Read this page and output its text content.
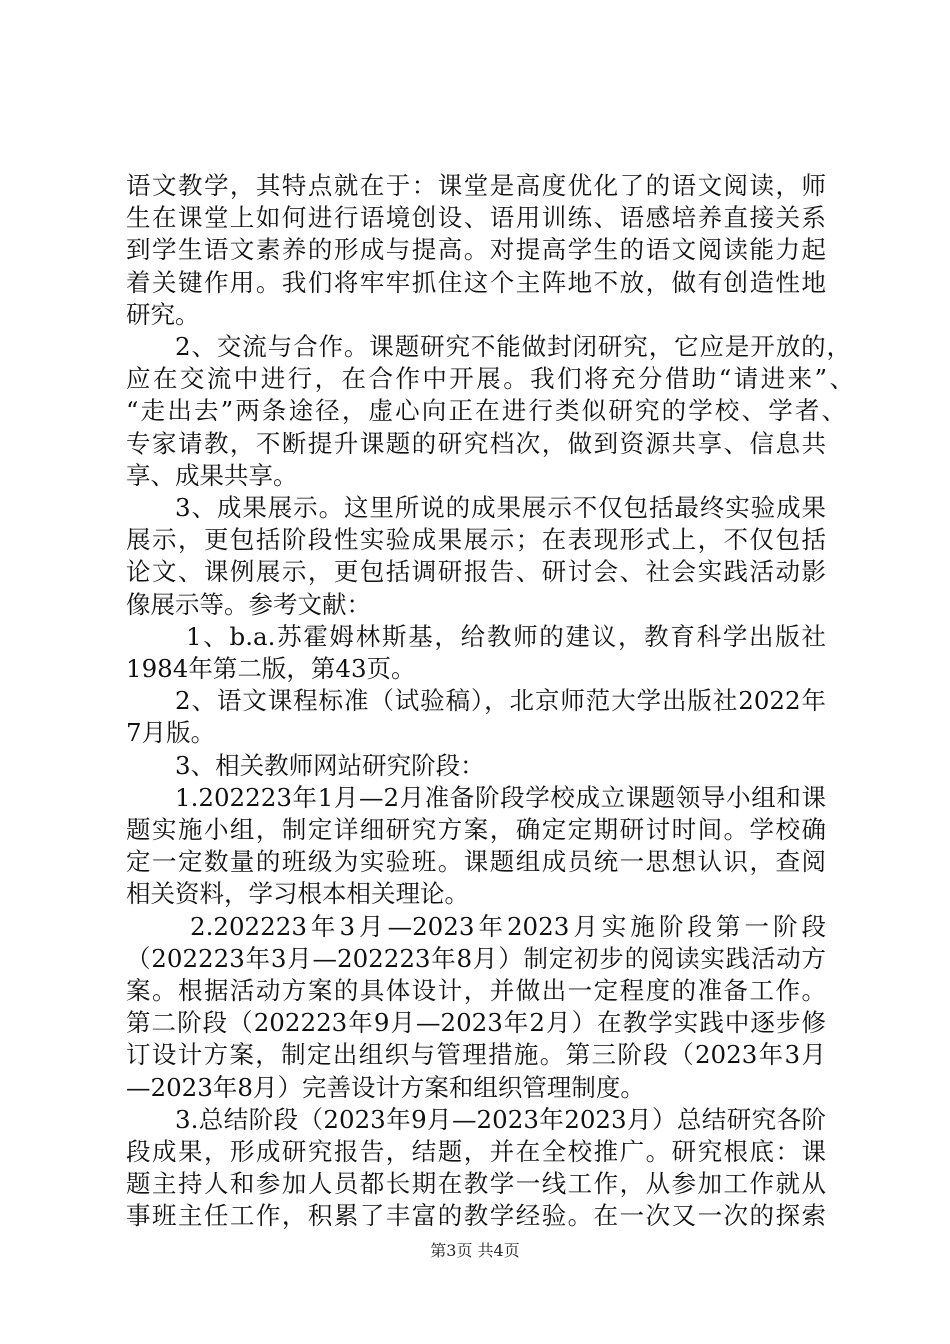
语文教学，其特点就在于：课堂是高度优化了的语文阅读，师
生在课堂上如何进行语境创设、语用训练、语感培养直接关系
到学生语文素养的形成与提高。对提高学生的语文阅读能力起
着关键作用。我们将牢牢抓住这个主阵地不放，做有创造性地
研究。
2、交流与合作。课题研究不能做封闭研究，它应是开放的，
应在交流中进行，在合作中开展。我们将充分借助“请进来”、
“走出去”两条途径，虚心向正在进行类似研究的学校、学者、
专家请教，不断提升课题的研究档次，做到资源共享、信息共
享、成果共享。
3、成果展示。这里所说的成果展示不仅包括最终实验成果
展示，更包括阶段性实验成果展示；在表现形式上，不仅包括
论文、课例展示，更包括调研报告、研讨会、社会实践活动影
像展示等。参考文献：
1、b.a.苏霍姆林斯基，给教师的建议，教育科学出版社
1984年第二版，第43页。
2、语文课程标准（试验稿），北京师范大学出版社2022年
7月版。
3、相关教师网站研究阶段：
1.202223年1月—2月准备阶段学校成立课题领导小组和课
题实施小组，制定详细研究方案，确定定期研讨时间。学校确
定一定数量的班级为实验班。课题组成员统一思想认识，查阅
相关资料，学习根本相关理论。
2.202223年3月—2023年2023月实施阶段第一阶段
（202223年3月—202223年8月）制定初步的阅读实践活动方
案。根据活动方案的具体设计，并做出一定程度的准备工作。
第二阶段（202223年9月—2023年2月）在教学实践中逐步修
订设计方案，制定出组织与管理措施。第三阶段（2023年3月
—2023年8月）完善设计方案和组织管理制度。
3.总结阶段（2023年9月—2023年2023月）总结研究各阶
段成果，形成研究报告，结题，并在全校推广。研究根底：课
题主持人和参加人员都长期在教学一线工作，从参加工作就从
事班主任工作，积累了丰富的教学经验。在一次又一次的探索
第3页 共4页
